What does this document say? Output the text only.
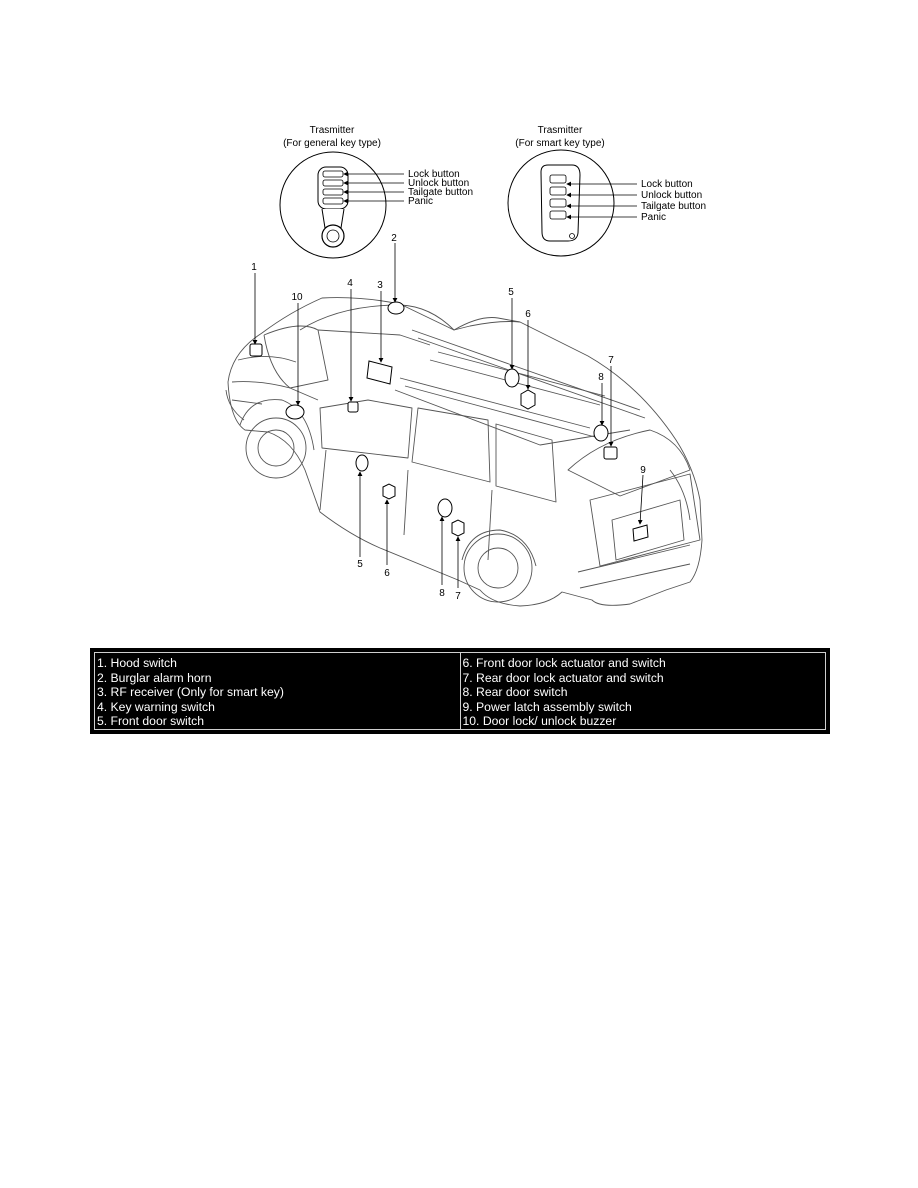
Trasmitter
(For general key type)
Lock button
Unlock button
Tailgate button
Panic
Trasmitter
(For smart key type)
Lock button
Unlock button
Tailgate button
Panic
1
2
3
4
5
6
7
8
9
10
5
6
8 7
1. Hood switch
2. Burglar alarm horn
3. RF receiver (Only for smart key)
4. Key warning switch
5. Front door switch
6. Front door lock actuator and switch
7. Rear door lock actuator and switch
8. Rear door switch
9. Power latch assembly switch
10. Door lock/ unlock buzzer
